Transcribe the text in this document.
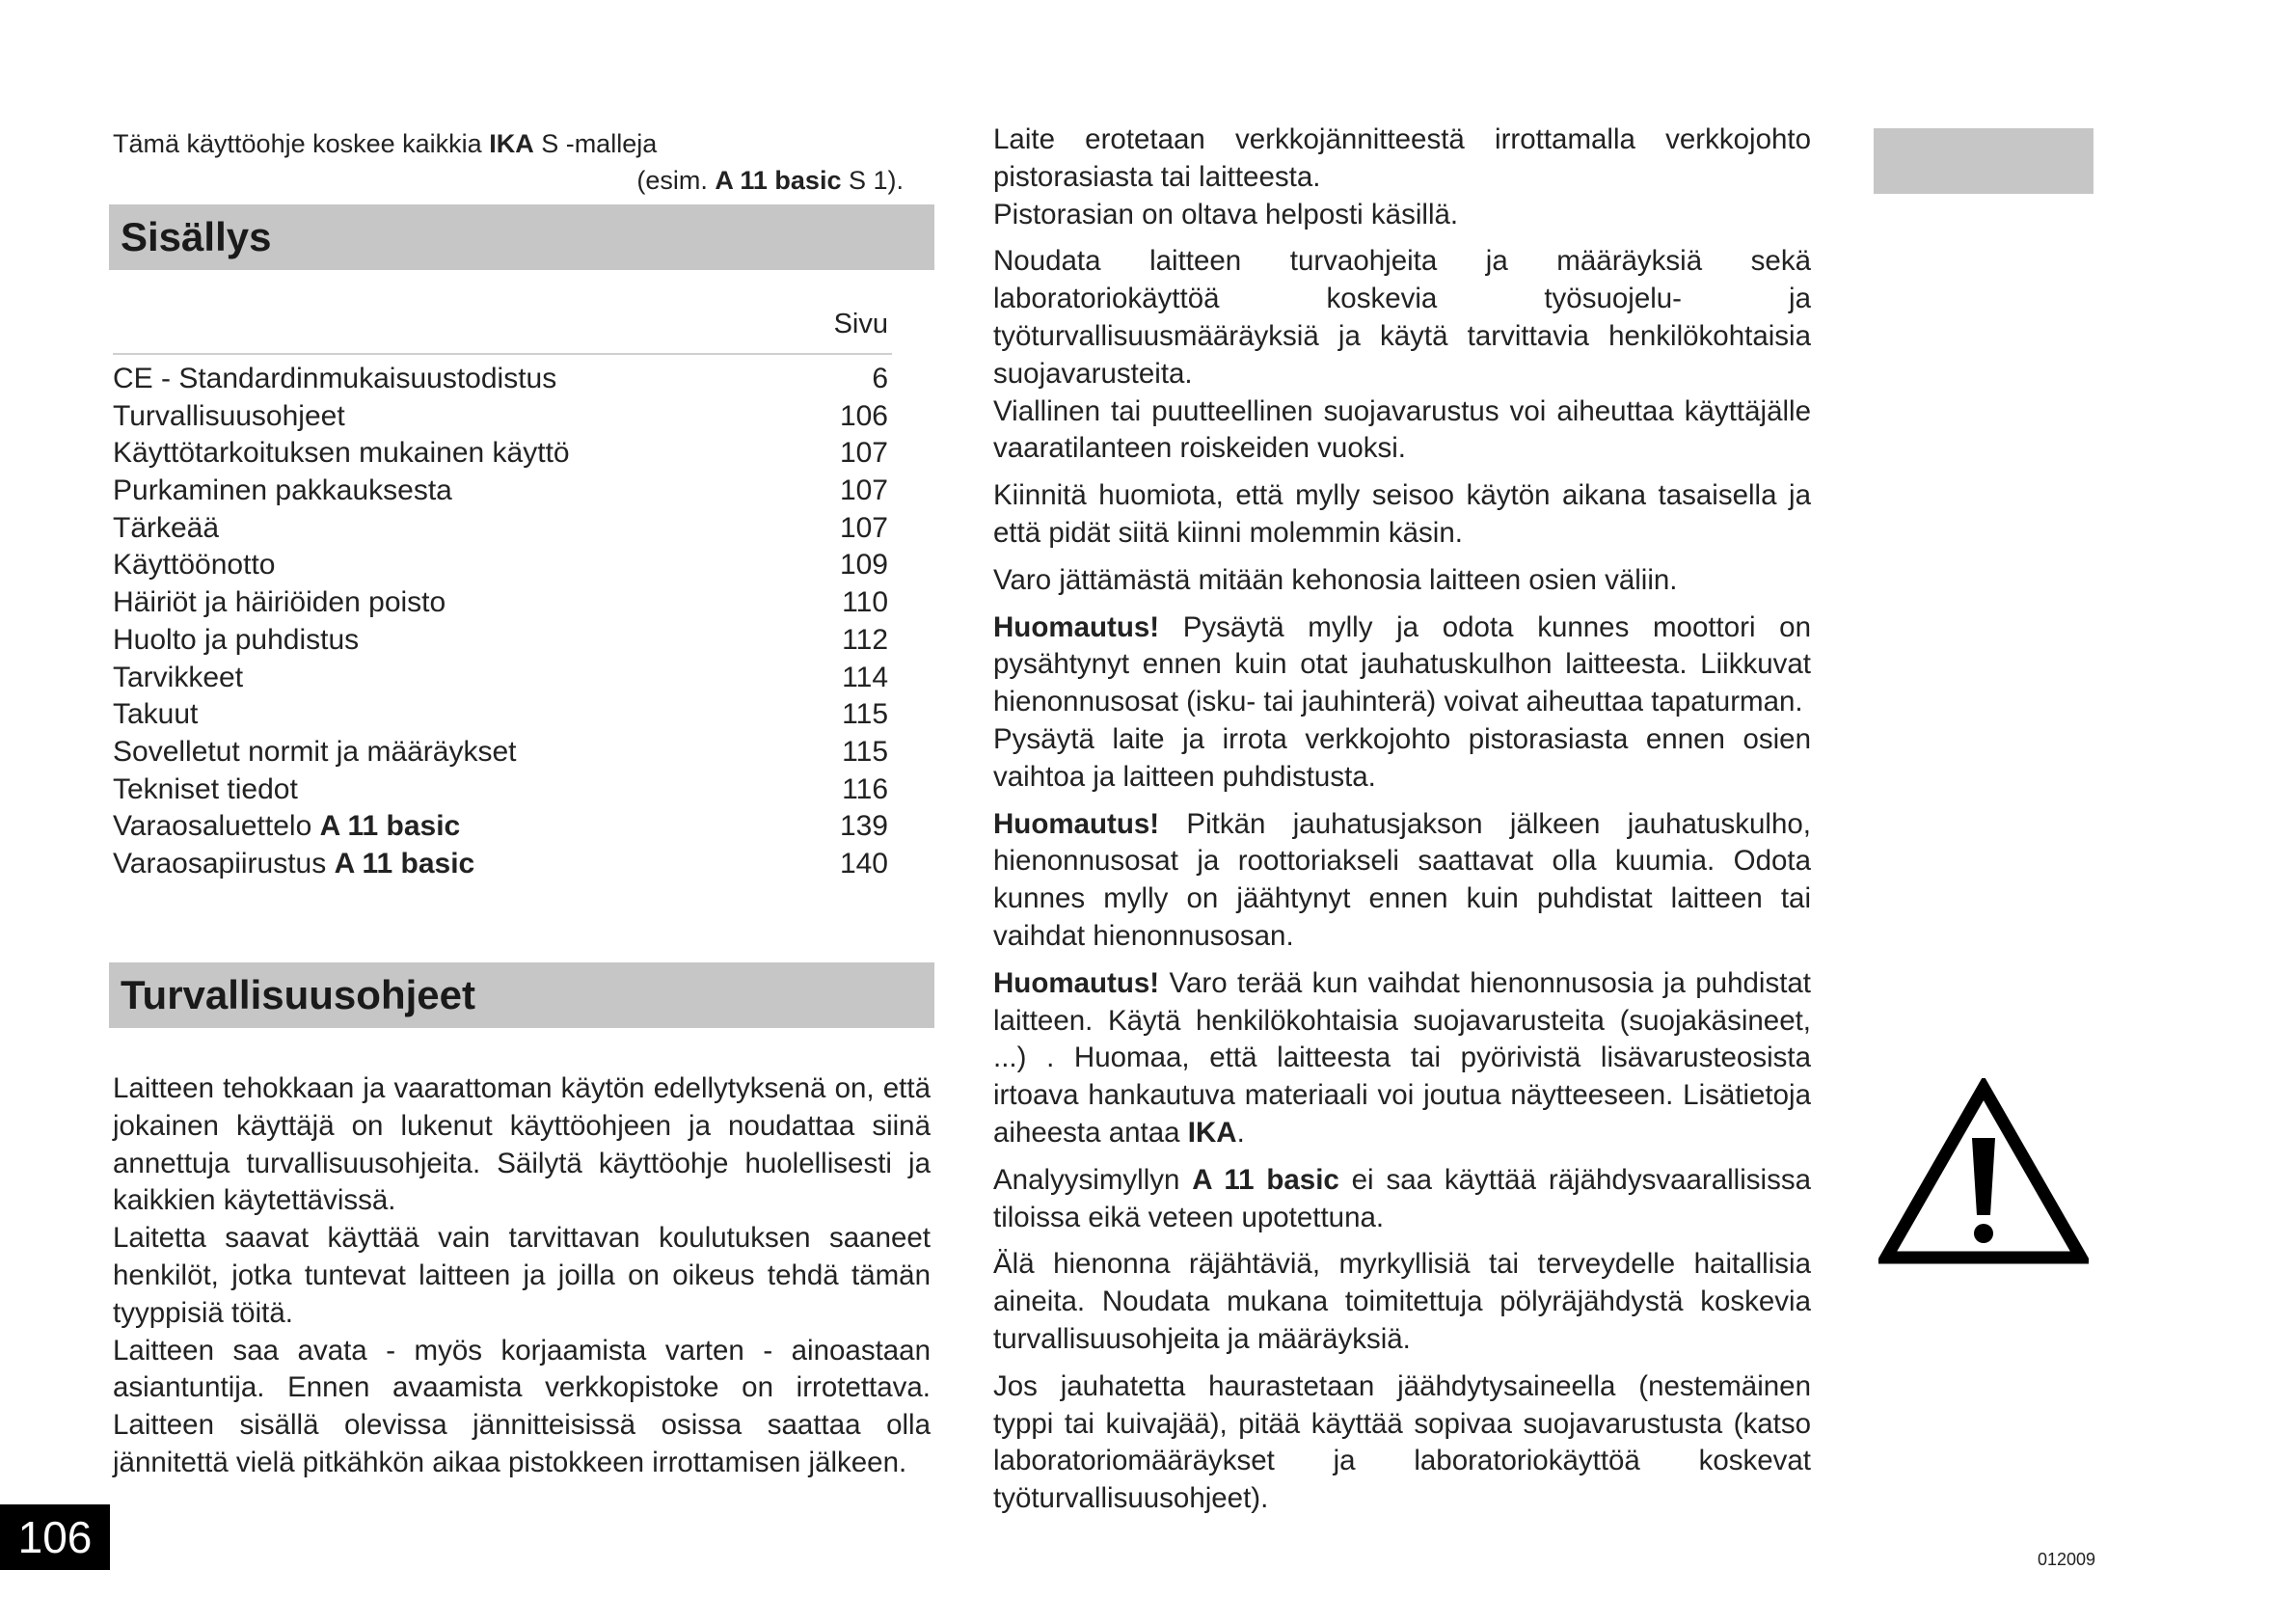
Tämä käyttöohje koskee kaikkia IKA S -malleja
(esim. A 11 basic S 1).
Sisällys
Sivu
CE - Standardinmukaisuustodistus	6
Turvallisuusohjeet	106
Käyttötarkoituksen mukainen käyttö	107
Purkaminen pakkauksesta	107
Tärkeää	107
Käyttöönotto	109
Häiriöt ja häiriöiden poisto	110
Huolto ja puhdistus	112
Tarvikkeet	114
Takuut	115
Sovelletut normit ja määräykset	115
Tekniset tiedot	116
Varaosaluettelo A 11 basic	139
Varaosapiirustus A 11 basic	140
Turvallisuusohjeet

Laitteen tehokkaan ja vaarattoman käytön edellytyksenä on, että jokainen käyttäjä on lukenut käyttöohjeen ja noudattaa siinä annettuja turvallisuusohjeita. Säilytä käyttöohje huolellisesti ja kaikkien käytettävissä.

Laitetta saavat käyttää vain tarvittavan koulutuksen saaneet henkilöt, jotka tuntevat laitteen ja joilla on oikeus tehdä tämän tyyppisiä töitä.

Laitteen saa avata - myös korjaamista varten - ainoastaan asiantuntija. Ennen avaamista verkkopistoke on irrotettava. Laitteen sisällä olevissa jännitteisissä osissa saattaa olla jännitettä vielä pitkähkön aikaa pistokkeen irrottamisen jälkeen.

Laite erotetaan verkkojännitteestä irrottamalla verkkojohto pistorasiasta tai laitteesta.

Pistorasian on oltava helposti käsillä.

Noudata laitteen turvaohjeita ja määräyksiä sekä laboratoriokäyttöä koskevia työsuojelu- ja työturvallisuusmääräyksiä ja käytä tarvittavia henkilökohtaisia suojavarusteita.

Viallinen tai puutteellinen suojavarustus voi aiheuttaa käyttäjälle vaaratilanteen roiskeiden vuoksi.

Kiinnitä huomiota, että mylly seisoo käytön aikana tasaisella ja että pidät siitä kiinni molemmin käsin.

Varo jättämästä mitään kehonosia laitteen osien väliin.

Huomautus! Pysäytä mylly ja odota kunnes moottori on pysähtynyt ennen kuin otat jauhatuskulhon laitteesta. Liikkuvat hienonnusosat (isku- tai jauhinterä) voivat aiheuttaa tapaturman.

Pysäytä laite ja irrota verkkojohto pistorasiasta ennen osien vaihtoa ja laitteen puhdistusta.

Huomautus! Pitkän jauhatusjakson jälkeen jauhatuskulho, hienonnusosat ja roottoriakseli saattavat olla kuumia. Odota kunnes mylly on jäähtynyt ennen kuin puhdistat laitteen tai vaihdat hienonnusosan.

Huomautus! Varo terää kun vaihdat hienonnusosia ja puhdistat laitteen. Käytä henkilökohtaisia suojavarusteita (suojakäsineet, ...) . Huomaa, että laitteesta tai pyörivistä lisävarusteosista irtoava hankautuva materiaali voi joutua näytteeseen. Lisätietoja aiheesta antaa IKA.

Analyysimyllyn A 11 basic ei saa käyttää räjähdysvaarallisissa tiloissa eikä veteen upotettuna.

Älä hienonna räjähtäviä, myrkyllisiä tai terveydelle haitallisia aineita. Noudata mukana toimitettuja pölyräjähdystä koskevia turvallisuusohjeita ja määräyksiä.

Jos jauhatetta haurastetaan jäähdytysaineella (nestemäinen typpi tai kuivajää), pitää käyttää sopivaa suojavarustusta (katso laboratoriomääräykset ja laboratoriokäyttöä koskevat työturvallisuusohjeet).

106	012009
